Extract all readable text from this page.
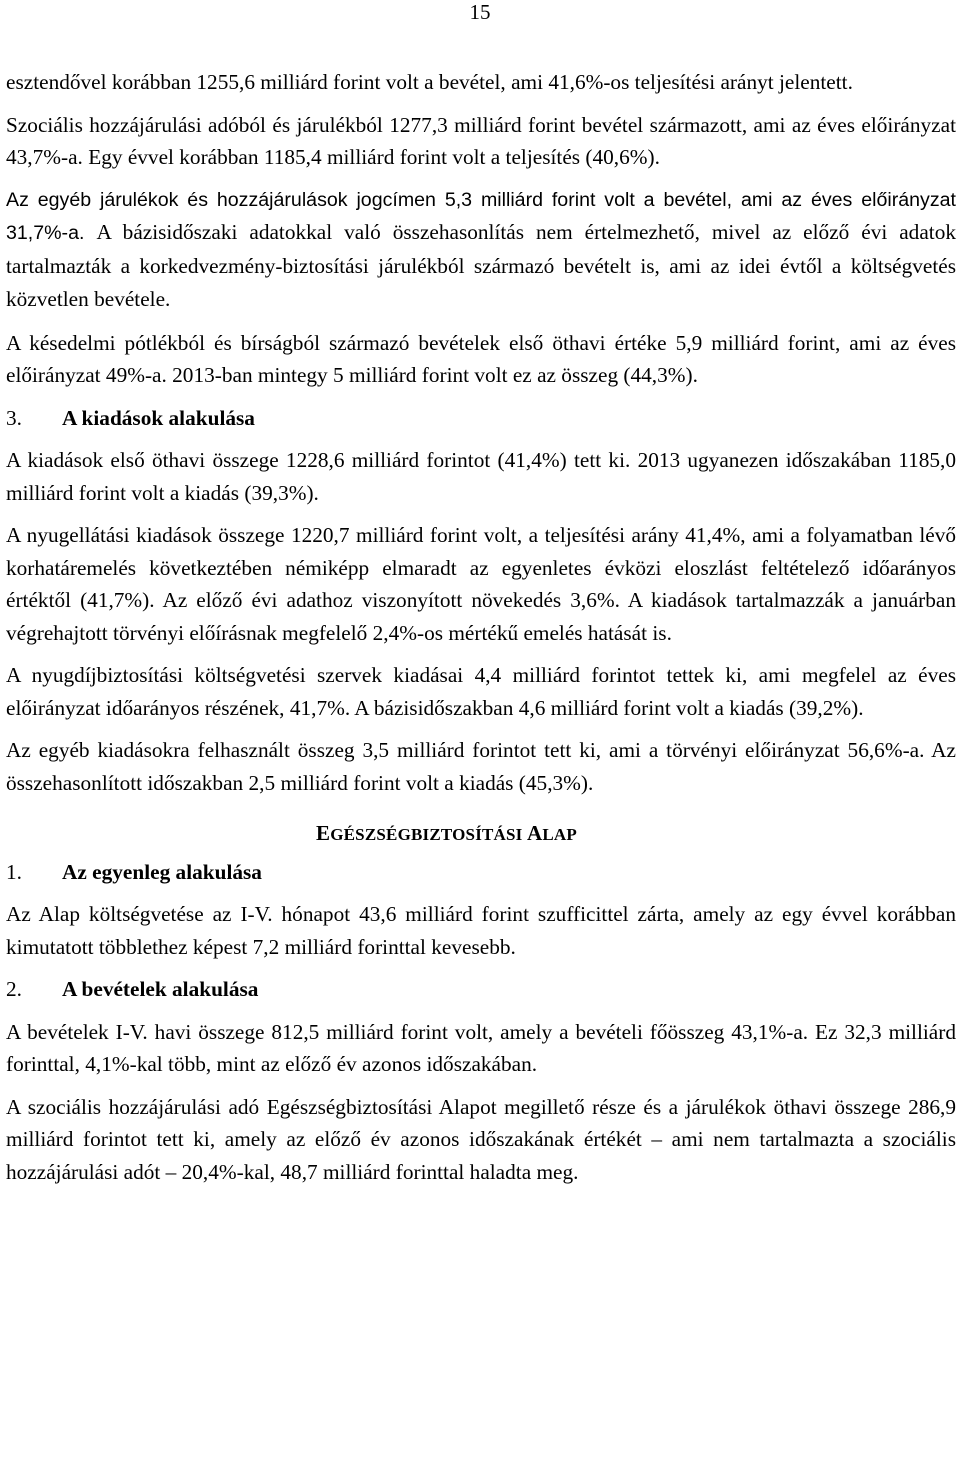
15

esztendővel korábban 1255,6 milliárd forint volt a bevétel, ami 41,6%-os teljesítési arányt jelentett.

Szociális hozzájárulási adóból és járulékból 1277,3 milliárd forint bevétel származott, ami az éves előirányzat 43,7%-a. Egy évvel korábban 1185,4 milliárd forint volt a teljesítés (40,6%).

Az egyéb járulékok és hozzájárulások jogcímen 5,3 milliárd forint volt a bevétel, ami az éves előirányzat 31,7%-a. A bázisidőszaki adatokkal való összehasonlítás nem értelmezhető, mivel az előző évi adatok tartalmazták a korkedvezmény-biztosítási járulékból származó bevételt is, ami az idei évtől a költségvetés közvetlen bevétele.

A késedelmi pótlékból és bírságból származó bevételek első öthavi értéke 5,9 milliárd forint, ami az éves előirányzat 49%-a. 2013-ban mintegy 5 milliárd forint volt ez az összeg (44,3%).

3. A kiadások alakulása

A kiadások első öthavi összege 1228,6 milliárd forintot (41,4%) tett ki. 2013 ugyanezen időszakában 1185,0 milliárd forint volt a kiadás (39,3%).

A nyugellátási kiadások összege 1220,7 milliárd forint volt, a teljesítési arány 41,4%, ami a folyamatban lévő korhatáremelés következtében némiképp elmaradt az egyenletes évközi eloszlást feltételező időarányos értéktől (41,7%). Az előző évi adathoz viszonyított növekedés 3,6%. A kiadások tartalmazzák a januárban végrehajtott törvényi előírásnak megfelelő 2,4%-os mértékű emelés hatását is.

A nyugdíjbiztosítási költségvetési szervek kiadásai 4,4 milliárd forintot tettek ki, ami megfelel az éves előirányzat időarányos részének, 41,7%. A bázisidőszakban 4,6 milliárd forint volt a kiadás (39,2%).

Az egyéb kiadásokra felhasznált összeg 3,5 milliárd forintot tett ki, ami a törvényi előirányzat 56,6%-a. Az összehasonlított időszakban 2,5 milliárd forint volt a kiadás (45,3%).

EGÉSZSÉGBIZTOSÍTÁSI ALAP
1. Az egyenleg alakulása

Az Alap költségvetése az I-V. hónapot 43,6 milliárd forint szufficittel zárta, amely az egy évvel korábban kimutatott többlethez képest 7,2 milliárd forinttal kevesebb.

2. A bevételek alakulása

A bevételek I-V. havi összege 812,5 milliárd forint volt, amely a bevételi főösszeg 43,1%-a. Ez 32,3 milliárd forinttal, 4,1%-kal több, mint az előző év azonos időszakában.

A szociális hozzájárulási adó Egészségbiztosítási Alapot megillető része és a járulékok öthavi összege 286,9 milliárd forintot tett ki, amely az előző év azonos időszakának értékét – ami nem tartalmazta a szociális hozzájárulási adót – 20,4%-kal, 48,7 milliárd forinttal haladta meg.
